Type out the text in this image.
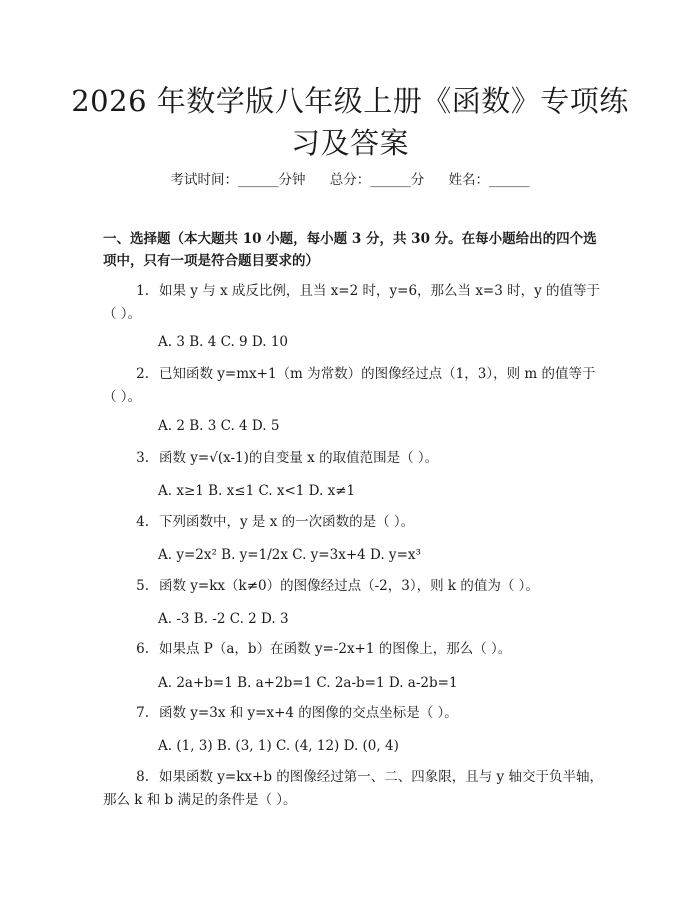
2026 年数学版八年级上册《函数》专项练习及答案
考试时间：______分钟 总分：______分 姓名：______
一、选择题（本大题共 10 小题，每小题 3 分，共 30 分。在每小题给出的四个选项中，只有一项是符合题目要求的）
1. 如果 y 与 x 成反比例，且当 x=2 时，y=6，那么当 x=3 时，y 的值等于（ ）。
A. 3 B. 4 C. 9 D. 10
2. 已知函数 y=mx+1（m 为常数）的图像经过点（1，3），则 m 的值等于（ ）。
A. 2 B. 3 C. 4 D. 5
3. 函数 y=√(x-1)的自变量 x 的取值范围是（ ）。
A. x≥1 B. x≤1 C. x<1 D. x≠1
4. 下列函数中，y 是 x 的一次函数的是（ ）。
A. y=2x² B. y=1/2x C. y=3x+4 D. y=x³
5. 函数 y=kx（k≠0）的图像经过点（-2，3），则 k 的值为（ ）。
A. -3 B. -2 C. 2 D. 3
6. 如果点 P（a，b）在函数 y=-2x+1 的图像上，那么（ ）。
A. 2a+b=1 B. a+2b=1 C. 2a-b=1 D. a-2b=1
7. 函数 y=3x 和 y=x+4 的图像的交点坐标是（ ）。
A. (1, 3) B. (3, 1) C. (4, 12) D. (0, 4)
8. 如果函数 y=kx+b 的图像经过第一、二、四象限，且与 y 轴交于负半轴，那么 k 和 b 满足的条件是（ ）。
